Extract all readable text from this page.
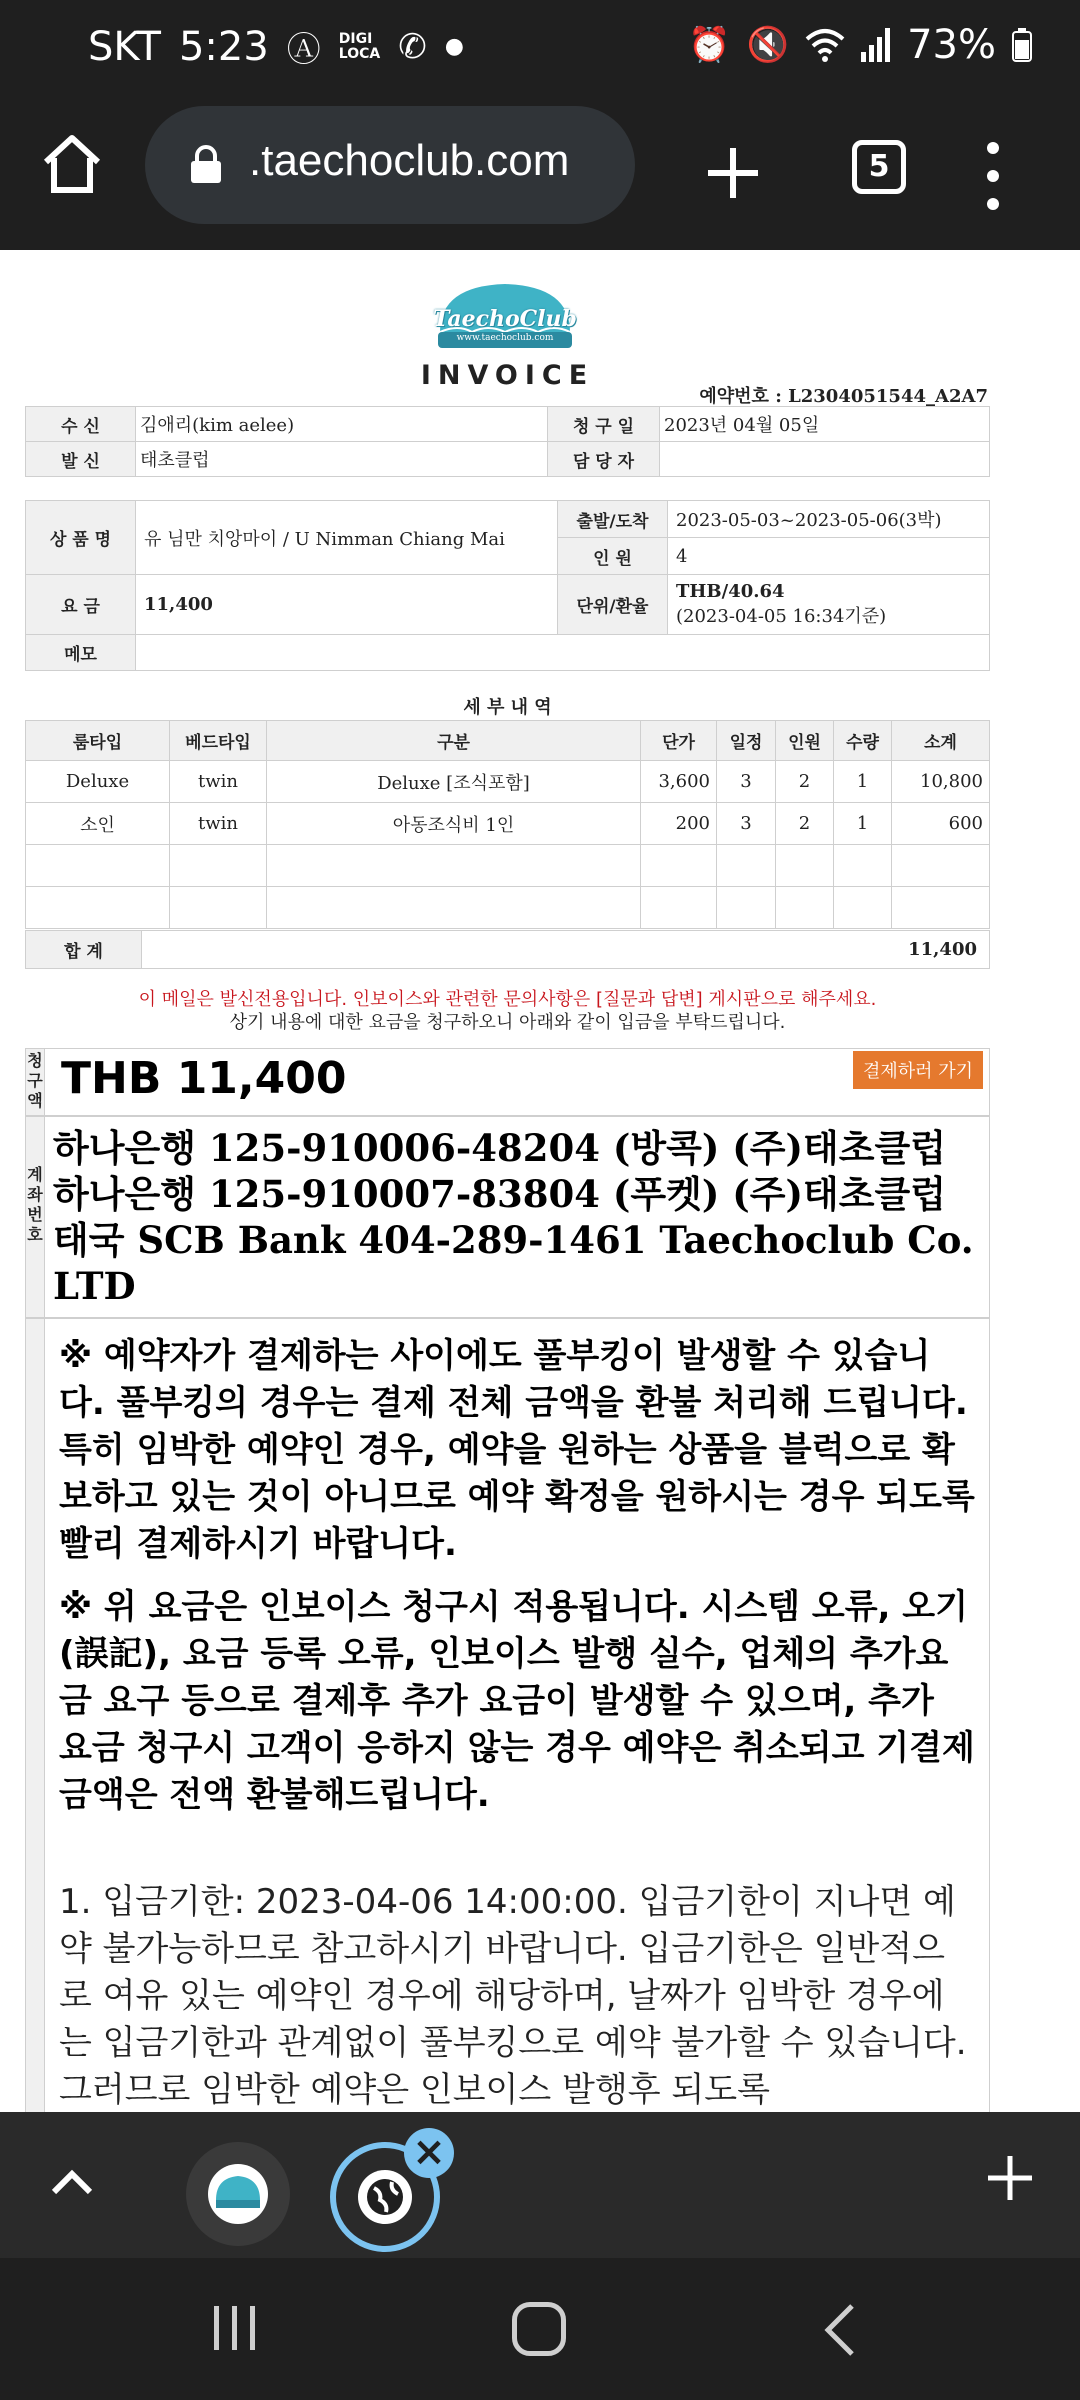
SKT 5:23 Ⓐ DIGI
LOCA ✆ ●	⏰ 🔇	73%
.taechoclub.com	5
TaechoClub
www.taechoclub.com
INVOICE
예약번호 : L2304051544_A2A7
수 신	김애리(kim aelee)	청 구 일	2023년 04월 05일
발 신	태초클럽	담 당 자	
상 품 명	유 님만 치앙마이 / U Nimman Chiang Mai	출발/도착	2023-05-03~2023-05-06(3박)
		인 원	4
요 금	11,400	단위/환율	THB/40.64
(2023-04-05 16:34기준)

메모			
세 부 내 역
룸타입	베드타입	구분	단가	일정	인원	수량	소계
Deluxe	twin	Deluxe [조식포함]	3,600	3	2	1	10,800
소인	twin	아동조식비 1인	200	3	2	1	600

합 계	11,400
이 메일은 발신전용입니다. 인보이스와 관련한 문의사항은 [질문과 답변] 게시판으로 해주세요.
상기 내용에 대한 요금을 청구하오니 아래와 같이 입금을 부탁드립니다.
청구액 THB 11,400	결제하러 가기
계좌번호
하나은행 125-910006-48204 (방콕) (주)태초클럽
하나은행 125-910007-83804 (푸켓) (주)태초클럽
태국 SCB Bank 404-289-1461 Taechoclub Co. LTD
※ 예약자가 결제하는 사이에도 풀부킹이 발생할 수 있습니다. 풀부킹의 경우는 결제 전체 금액을 환불 처리해 드립니다. 특히 임박한 예약인 경우, 예약을 원하는 상품을 블럭으로 확보하고 있는 것이 아니므로 예약 확정을 원하시는 경우 되도록 빨리 결제하시기 바랍니다.
※ 위 요금은 인보이스 청구시 적용됩니다. 시스템 오류, 오기(誤記), 요금 등록 오류, 인보이스 발행 실수, 업체의 추가요금 요구 등으로 결제후 추가 요금이 발생할 수 있으며, 추가 요금 청구시 고객이 응하지 않는 경우 예약은 취소되고 기결제 금액은 전액 환불해드립니다.
1. 입금기한: 2023-04-06 14:00:00. 입금기한이 지나면 예약 불가능하므로 참고하시기 바랍니다. 입금기한은 일반적으로 여유 있는 예약인 경우에 해당하며, 날짜가 임박한 경우에는 입금기한과 관계없이 풀부킹으로 예약 불가할 수 있습니다. 그러므로 임박한 예약은 인보이스 발행후 되도록
×
